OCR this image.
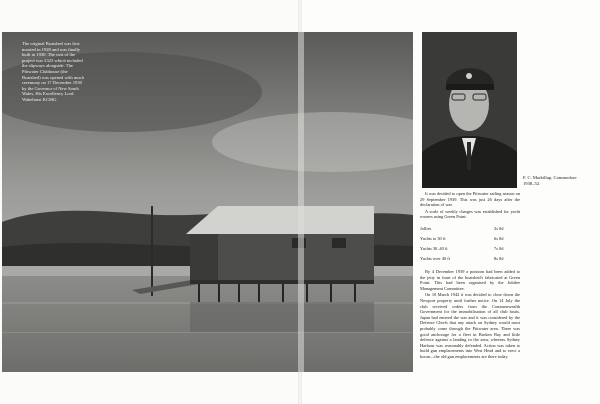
The original Boatshed was first mooted in 1928 and was finally built in 1930. The cost of the project was £325 which included the slipways alongside. The Pittwater Clubhouse (the Boatshed) was opened with much ceremony on 17 December 1930 by the Governor of New South Wales, His Excellency Lord Wakehurst KCMG.

F. C. Markillup, Commodore 1938–52.

It was decided to open the Pittwater sailing season on 29 September 1939. This was just 26 days after the declaration of war.

A scale of weekly charges was established for yacht owners using Green Point:

Jollies	3s 0d
Yachts to 30 ft	6s 0d
Yachts 30–40 ft	7s 0d
Yachts over 40 ft	8s 0d

By 4 December 1939 a pontoon had been added to the jetty in front of the boatshed's fabricated at Green Point. This had been organised by the Jubilee Management Committee.

On 10 March 1942 it was decided to close down the Newport property until further notice. On 14 July the club received orders from the Commonwealth Government for the immobilisation of all club boats. Japan had entered the war and it was considered by the Defence Chiefs that any attack on Sydney would most probably come through the Pittwater area. There was good anchorage for a fleet in Broken Bay and little defence against a landing in the area, whereas Sydney Harbour was reasonably defended. Action was taken to build gun emplacements into West Head and to erect a boom—the old gun emplacements are there today.
